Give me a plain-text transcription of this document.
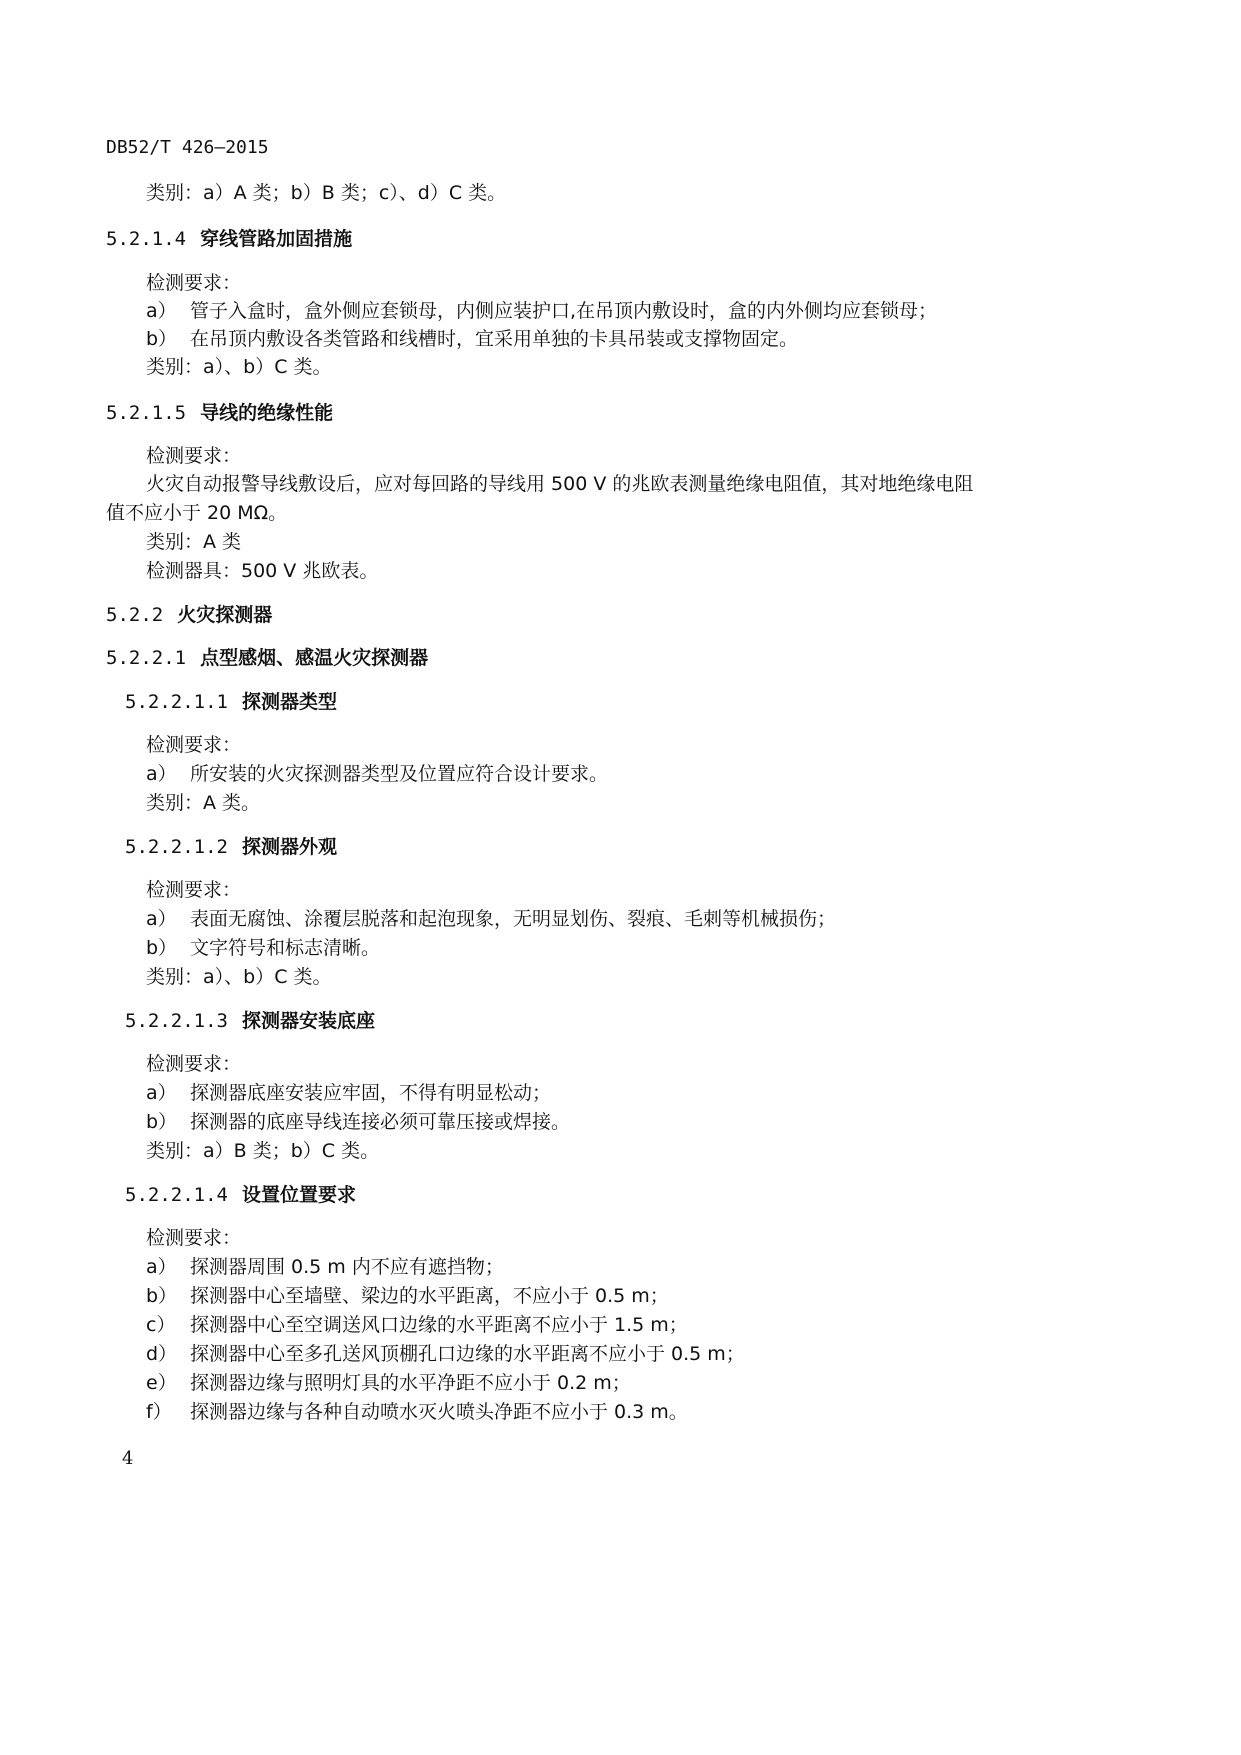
DB52/T 426—2015
类别：a）A 类；b）B 类；c）、d）C 类。
5.2.1.4 穿线管路加固措施
检测要求：
a） 管子入盒时，盒外侧应套锁母，内侧应装护口,在吊顶内敷设时，盒的内外侧均应套锁母；
b） 在吊顶内敷设各类管路和线槽时，宜采用单独的卡具吊装或支撑物固定。
类别：a）、b）C 类。
5.2.1.5 导线的绝缘性能
检测要求：
火灾自动报警导线敷设后，应对每回路的导线用 500 V 的兆欧表测量绝缘电阻值，其对地绝缘电阻
值不应小于 20 MΩ。
类别：A 类
检测器具：500 V 兆欧表。
5.2.2 火灾探测器
5.2.2.1 点型感烟、感温火灾探测器
5.2.2.1.1 探测器类型
检测要求：
a） 所安装的火灾探测器类型及位置应符合设计要求。
类别：A 类。
5.2.2.1.2 探测器外观
检测要求：
a） 表面无腐蚀、涂覆层脱落和起泡现象，无明显划伤、裂痕、毛刺等机械损伤；
b） 文字符号和标志清晰。
类别：a）、b）C 类。
5.2.2.1.3 探测器安装底座
检测要求：
a） 探测器底座安装应牢固，不得有明显松动；
b） 探测器的底座导线连接必须可靠压接或焊接。
类别：a）B 类；b）C 类。
5.2.2.1.4 设置位置要求
检测要求：
a） 探测器周围 0.5 m 内不应有遮挡物；
b） 探测器中心至墙壁、梁边的水平距离，不应小于 0.5 m；
c） 探测器中心至空调送风口边缘的水平距离不应小于 1.5 m；
d） 探测器中心至多孔送风顶棚孔口边缘的水平距离不应小于 0.5 m；
e） 探测器边缘与照明灯具的水平净距不应小于 0.2 m；
f） 探测器边缘与各种自动喷水灭火喷头净距不应小于 0.3 m。
4
